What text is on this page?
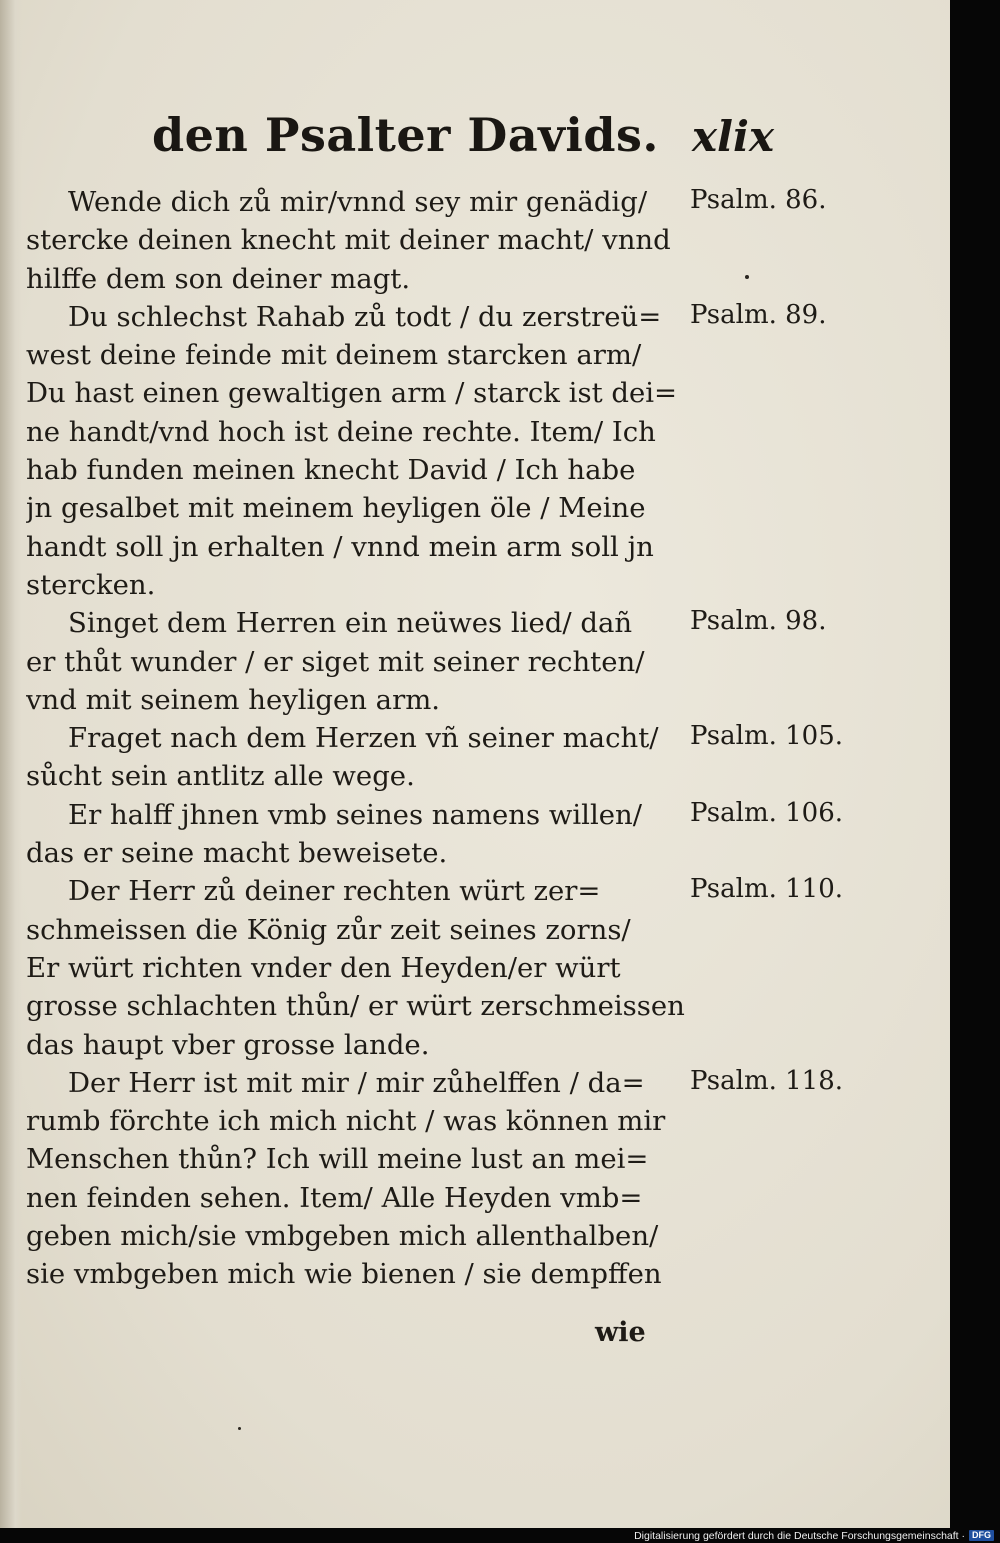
den Psalter Davids. xlix
Wende dich zů mir/vnnd sey mir genädig/
stercke deinen knecht mit deiner macht/ vnnd
hilffe dem son deiner magt.
Du schlechst Rahab zů todt / du zerstreü=
west deine feinde mit deinem starcken arm/
Du hast einen gewaltigen arm / starck ist dei=
ne handt/vnd hoch ist deine rechte. Item/ Ich
hab funden meinen knecht David / Ich habe
jn gesalbet mit meinem heyligen öle / Meine
handt soll jn erhalten / vnnd mein arm soll jn
stercken.
Singet dem Herren ein neüwes lied/ dañ
er thůt wunder / er siget mit seiner rechten/
vnd mit seinem heyligen arm.
Fraget nach dem Herzen vñ seiner macht/
sůcht sein antlitz alle wege.
Er halff jhnen vmb seines namens willen/
das er seine macht beweisete.
Der Herr zů deiner rechten würt zer=
schmeissen die König zůr zeit seines zorns/
Er würt richten vnder den Heyden/er würt
grosse schlachten thůn/ er würt zerschmeissen
das haupt vber grosse lande.
Der Herr ist mit mir / mir zůhelffen / da=
rumb förchte ich mich nicht / was können mir
Menschen thůn? Ich will meine lust an mei=
nen feinden sehen. Item/ Alle Heyden vmb=
geben mich/sie vmbgeben mich allenthalben/
sie vmbgeben mich wie bienen / sie dempffen
Psalm. 86.
Psalm. 89.
Psalm. 98.
Psalm. 105.
Psalm. 106.
Psalm. 110.
Psalm. 118.
wie
Digitalisierung gefördert durch die Deutsche Forschungsgemeinschaft · DFG
